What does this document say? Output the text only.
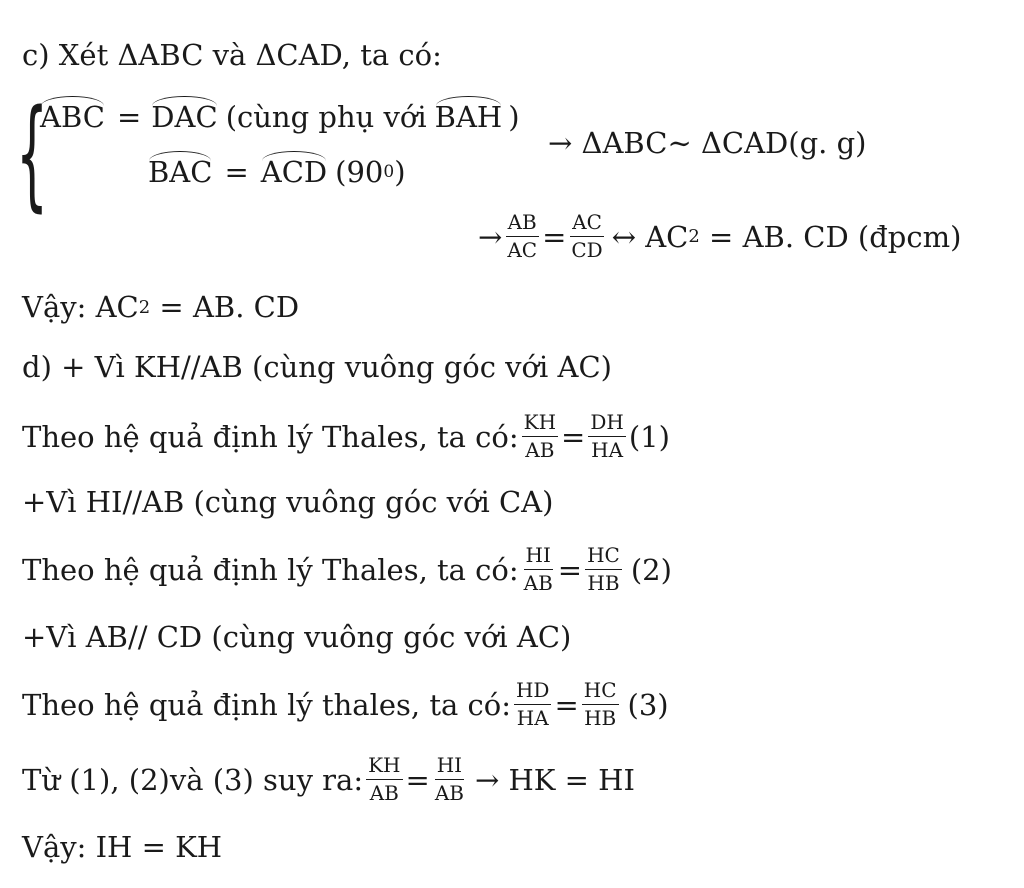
c) Xét ΔABC và ΔCAD, ta có:
{
ABC = DAC (cùng phụ với BAH )
BAC = ACD (90 0 )
→ ΔABC∼ ΔCAD(g. g)
→ $\frac{AB}{AC} = \frac{AC}{CD}$ ↔ AC 2 = AB. CD (đpcm)
Vậy: AC 2 = AB. CD
d) + Vì KH//AB (cùng vuông góc với AC)
Theo hệ quả định lý Thales, ta có: $\frac{KH}{AB} = \frac{DH}{HA} (1)$
+Vì HI//AB (cùng vuông góc với CA)
Theo hệ quả định lý Thales, ta có: $\frac{HI}{AB} = \frac{HC}{HB} (2)$
+Vì AB// CD (cùng vuông góc với AC)
Theo hệ quả định lý thales, ta có: $\frac{HD}{HA} = \frac{HC}{HB} (3)$
Từ (1), (2)và (3) suy ra: $\frac{KH}{AB} = \frac{HI}{AB}$ → HK = HI
Vậy: IH = KH
